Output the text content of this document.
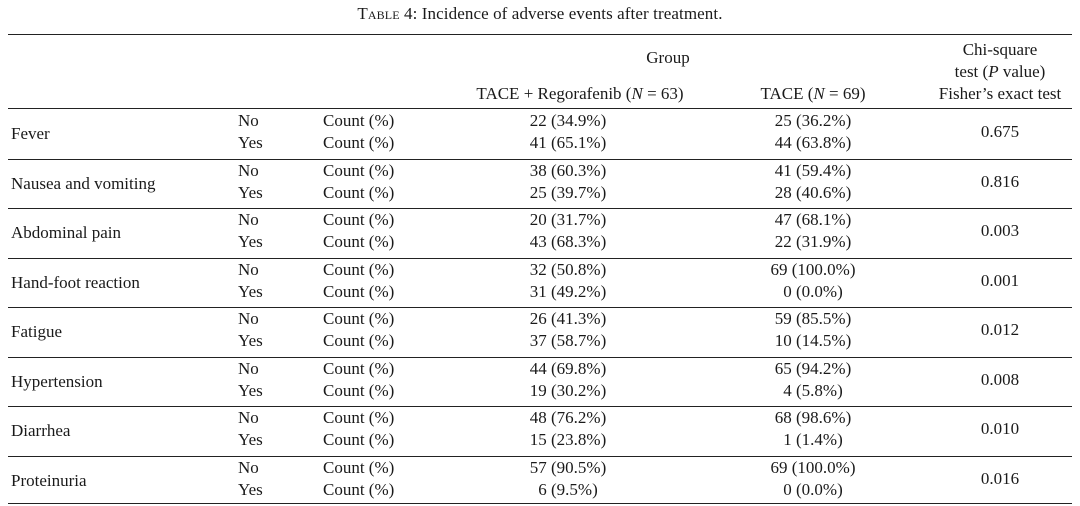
Table 4: Incidence of adverse events after treatment.
Group
TACE + Regorafenib (N = 63)	TACE (N = 69)
Chi-square
test (P value)
Fisher’s exact test
Fever
No
Yes
Count (%)
Count (%)
22 (34.9%)
41 (65.1%)
25 (36.2%)
44 (63.8%)
0.675
Nausea and vomiting
No
Yes
Count (%)
Count (%)
38 (60.3%)
25 (39.7%)
41 (59.4%)
28 (40.6%)
0.816
Abdominal pain
No
Yes
Count (%)
Count (%)
20 (31.7%)
43 (68.3%)
47 (68.1%)
22 (31.9%)
0.003
Hand-foot reaction
No
Yes
Count (%)
Count (%)
32 (50.8%)
31 (49.2%)
69 (100.0%)
0 (0.0%)
0.001
Fatigue
No
Yes
Count (%)
Count (%)
26 (41.3%)
37 (58.7%)
59 (85.5%)
10 (14.5%)
0.012
Hypertension
No
Yes
Count (%)
Count (%)
44 (69.8%)
19 (30.2%)
65 (94.2%)
4 (5.8%)
0.008
Diarrhea
No
Yes
Count (%)
Count (%)
48 (76.2%)
15 (23.8%)
68 (98.6%)
1 (1.4%)
0.010
Proteinuria
No
Yes
Count (%)
Count (%)
57 (90.5%)
6 (9.5%)
69 (100.0%)
0 (0.0%)
0.016
